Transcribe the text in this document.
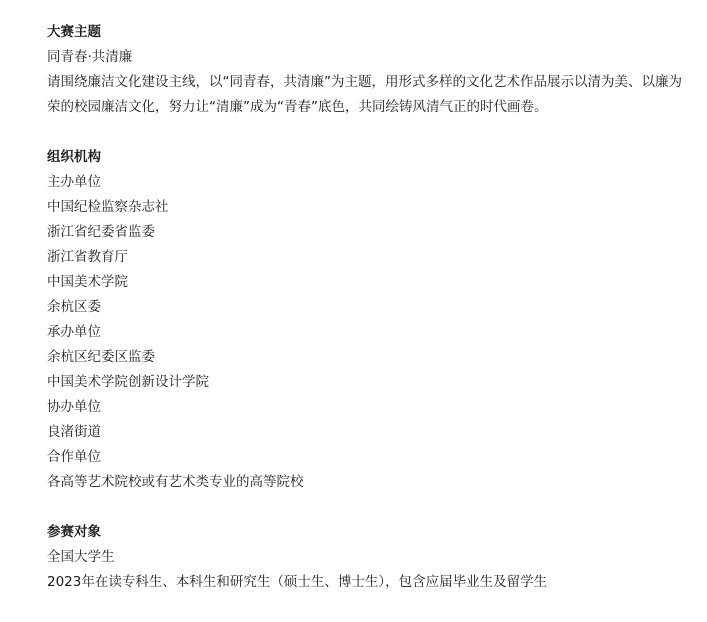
大赛主题
同青春·共清廉
请围绕廉洁文化建设主线，以“同青春，共清廉”为主题，用形式多样的文化艺术作品展示以清为美、以廉为荣的校园廉洁文化，努力让“清廉”成为“青春”底色，共同绘铸风清气正的时代画卷。
组织机构
主办单位
中国纪检监察杂志社
浙江省纪委省监委
浙江省教育厅
中国美术学院
余杭区委
承办单位
余杭区纪委区监委
中国美术学院创新设计学院
协办单位
良渚街道
合作单位
各高等艺术院校或有艺术类专业的高等院校
参赛对象
全国大学生
2023年在读专科生、本科生和研究生（硕士生、博士生），包含应届毕业生及留学生
